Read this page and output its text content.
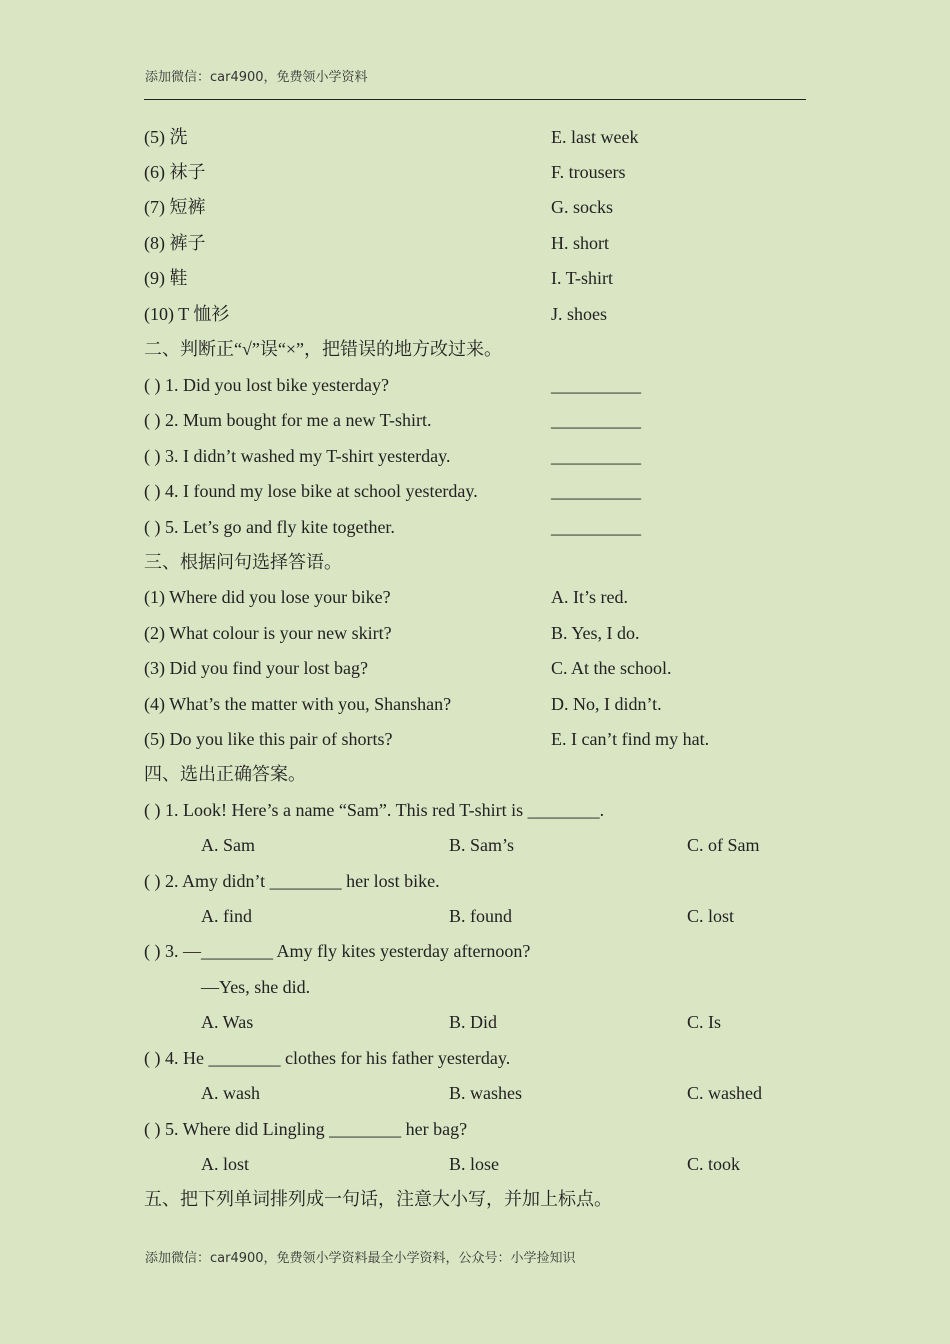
添加微信：car4900，免费领小学资料
(5) 洗	E. last week
(6) 袜子	F. trousers
(7) 短裤	G. socks
(8) 裤子	H. short
(9) 鞋	I. T-shirt
(10) T 恤衫	J. shoes
二、判断正“√”误“×”，把错误的地方改过来。
( ) 1. Did you lost bike yesterday?	__________
( ) 2. Mum bought for me a new T-shirt.	__________
( ) 3. I didn’t washed my T-shirt yesterday.	__________
( ) 4. I found my lose bike at school yesterday.	__________
( ) 5. Let’s go and fly kite together.	__________
三、根据问句选择答语。
(1) Where did you lose your bike?	A. It’s red.
(2) What colour is your new skirt?	B. Yes, I do.
(3) Did you find your lost bag?	C. At the school.
(4) What’s the matter with you, Shanshan?	D. No, I didn’t.
(5) Do you like this pair of shorts?	E. I can’t find my hat.
四、选出正确答案。
( ) 1. Look! Here’s a name “Sam”. This red T-shirt is ________.
A. Sam	B. Sam’s	C. of Sam
( ) 2. Amy didn’t ________ her lost bike.
A. find	B. found	C. lost
( ) 3. —________ Amy fly kites yesterday afternoon?
—Yes, she did.
A. Was	B. Did	C. Is
( ) 4. He ________ clothes for his father yesterday.
A. wash	B. washes	C. washed
( ) 5. Where did Lingling ________ her bag?
A. lost	B. lose	C. took
五、把下列单词排列成一句话，注意大小写，并加上标点。
添加微信：car4900，免费领小学资料最全小学资料，公众号：小学捡知识
